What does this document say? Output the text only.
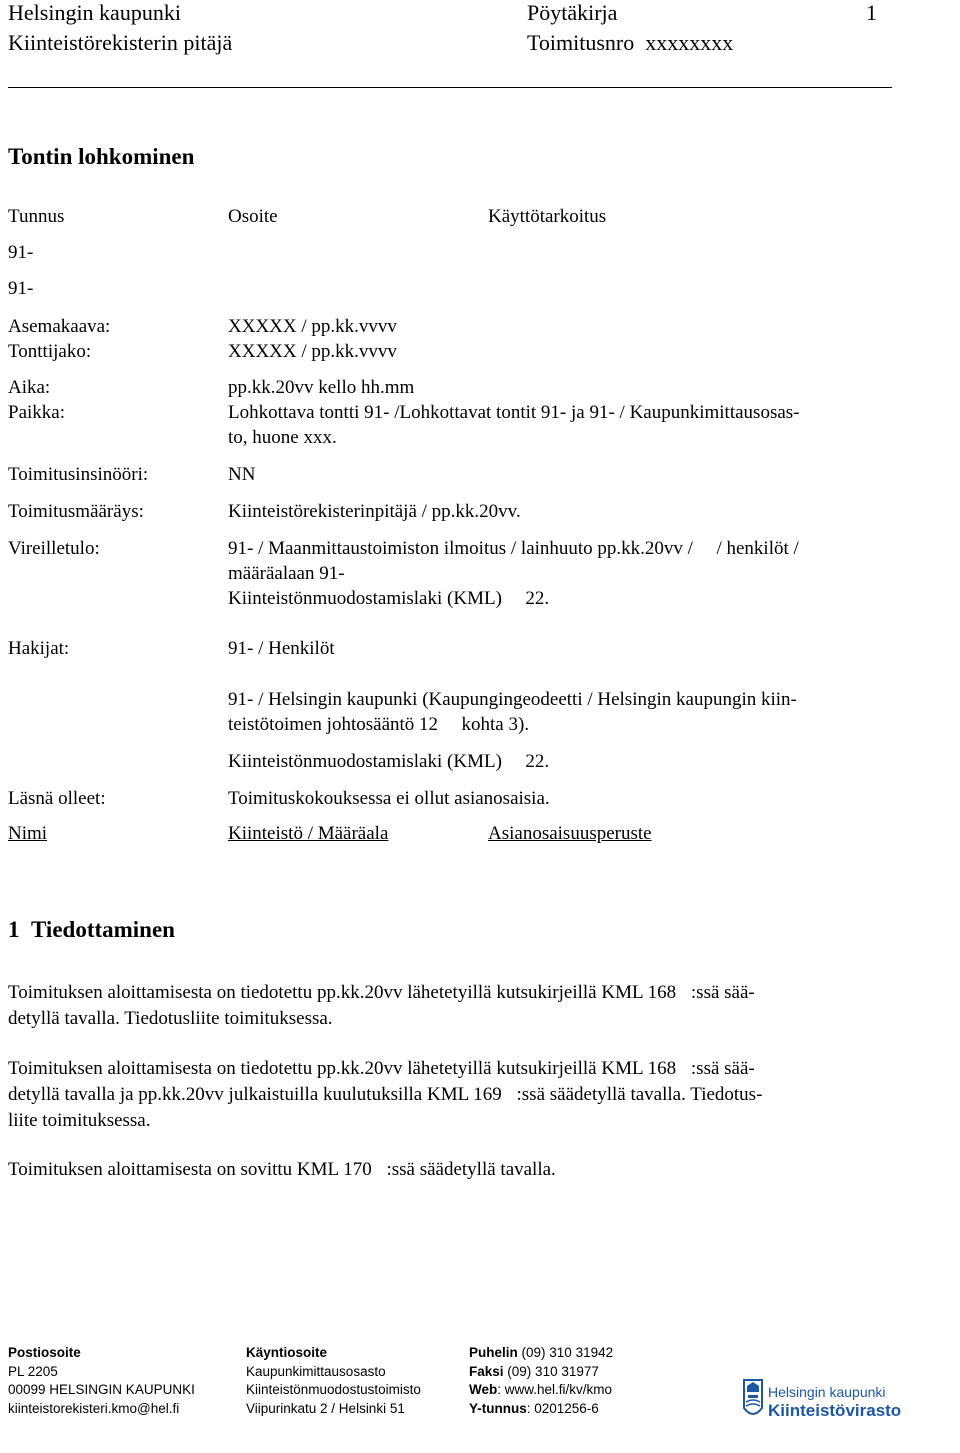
Helsingin kaupunki
Kiinteistörekisterin pitäjä
Pöytäkirja	1
Toimitusnro xxxxxxxx
Tontin lohkominen
Tunnus	Osoite	Käyttötarkoitus
91-
91-
Asemakaava:	XXXXX / pp.kk.vvvv
Tonttijako:	XXXXX / pp.kk.vvvv
Aika:	pp.kk.20vv kello hh.mm
Paikka:	Lohkottava tontti 91- /Lohkottavat tontit 91- ja 91- / Kaupunkimittausosas-
to, huone xxx.
Toimitusinsinööri:	NN
Toimitusmääräys:	Kiinteistörekisterinpitäjä / pp.kk.20vv.
Vireilletulo:	91- / Maanmittaustoimiston ilmoitus / lainhuuto pp.kk.20vv / / henkilöt /
määräalaan 91-
Kiinteistönmuodostamislaki (KML) 22.
Hakijat:	91- / Henkilöt
91- / Helsingin kaupunki (Kaupungingeodeetti / Helsingin kaupungin kiin-
teistötoimen johtosääntö 12 kohta 3).
Kiinteistönmuodostamislaki (KML) 22.
Läsnä olleet:	Toimituskokouksessa ei ollut asianosaisia.
Nimi	Kiinteistö / Määräala	Asianosaisuusperuste
1 Tiedottaminen
Toimituksen aloittamisesta on tiedotettu pp.kk.20vv lähetetyillä kutsukirjeillä KML 168 :ssä sää-
detyllä tavalla. Tiedotusliite toimituksessa.
Toimituksen aloittamisesta on tiedotettu pp.kk.20vv lähetetyillä kutsukirjeillä KML 168 :ssä sää-
detyllä tavalla ja pp.kk.20vv julkaistuilla kuulutuksilla KML 169 :ssä säädetyllä tavalla. Tiedotus-
liite toimituksessa.
Toimituksen aloittamisesta on sovittu KML 170 :ssä säädetyllä tavalla.
Postiosoite
PL 2205
00099 HELSINGIN KAUPUNKI
kiinteistorekisteri.kmo@hel.fi
Käyntiosoite
Kaupunkimittausosasto
Kiinteistönmuodostustoimisto
Viipurinkatu 2 / Helsinki 51
Puhelin (09) 310 31942
Faksi (09) 310 31977
Web: www.hel.fi/kv/kmo
Y-tunnus: 0201256-6
Helsingin kaupunki
Kiinteistövirasto
